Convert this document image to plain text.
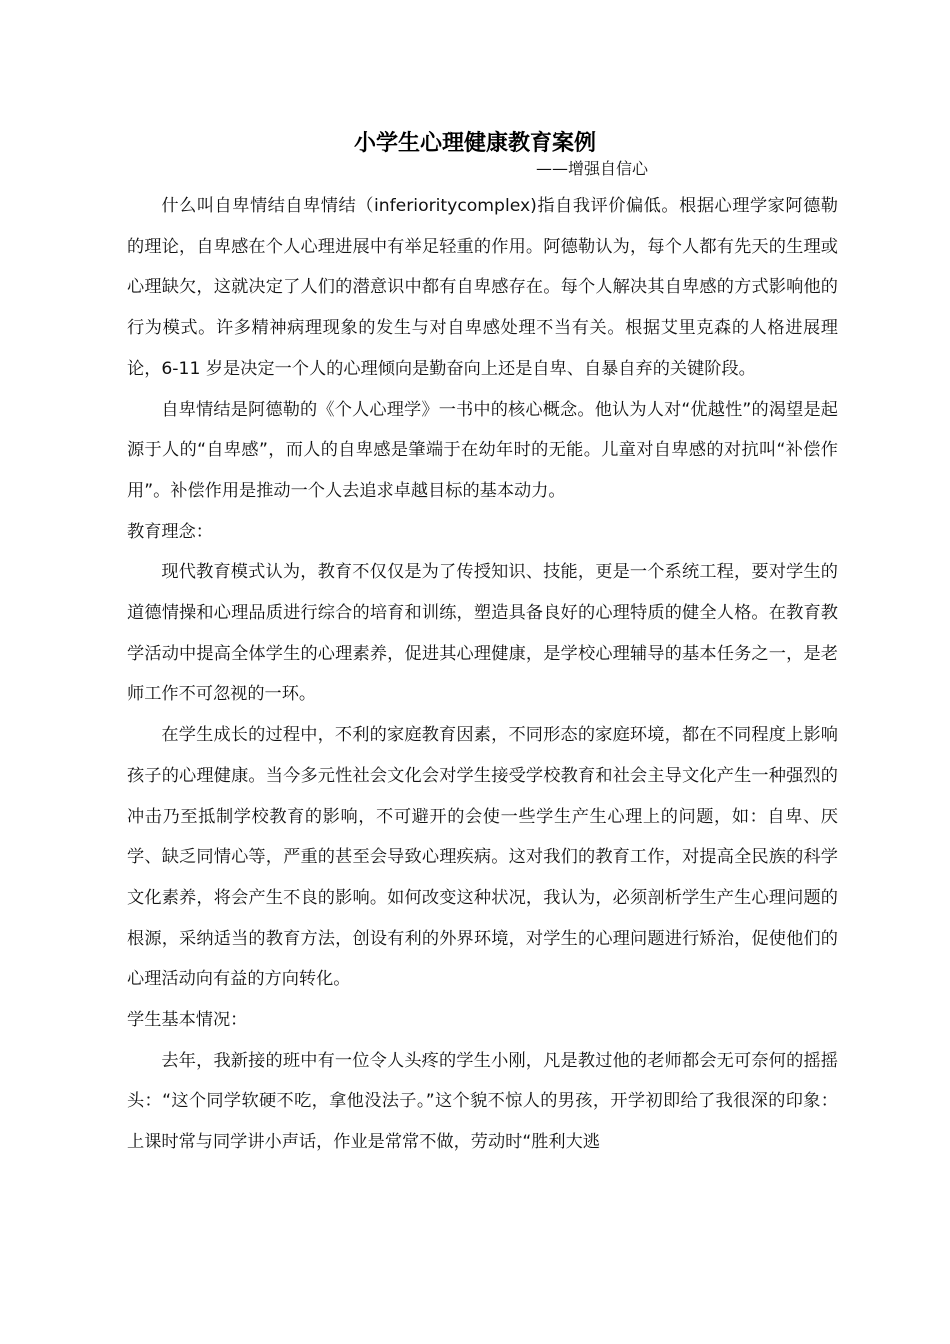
小学生心理健康教育案例
——增强自信心

什么叫自卑情结自卑情结（inferioritycomplex)指自我评价偏低。根据心理学家阿德勒的理论，自卑感在个人心理进展中有举足轻重的作用。阿德勒认为，每个人都有先天的生理或心理缺欠，这就决定了人们的潜意识中都有自卑感存在。每个人解决其自卑感的方式影响他的行为模式。许多精神病理现象的发生与对自卑感处理不当有关。根据艾里克森的人格进展理论，6-11 岁是决定一个人的心理倾向是勤奋向上还是自卑、自暴自弃的关键阶段。

自卑情结是阿德勒的《个人心理学》一书中的核心概念。他认为人对“优越性”的渴望是起源于人的“自卑感”，而人的自卑感是肇端于在幼年时的无能。儿童对自卑感的对抗叫“补偿作用”。补偿作用是推动一个人去追求卓越目标的基本动力。

教育理念：

现代教育模式认为，教育不仅仅是为了传授知识、技能，更是一个系统工程，要对学生的道德情操和心理品质进行综合的培育和训练，塑造具备良好的心理特质的健全人格。在教育教学活动中提高全体学生的心理素养，促进其心理健康，是学校心理辅导的基本任务之一，是老师工作不可忽视的一环。

在学生成长的过程中，不利的家庭教育因素，不同形态的家庭环境，都在不同程度上影响孩子的心理健康。当今多元性社会文化会对学生接受学校教育和社会主导文化产生一种强烈的冲击乃至抵制学校教育的影响，不可避开的会使一些学生产生心理上的问题，如：自卑、厌学、缺乏同情心等，严重的甚至会导致心理疾病。这对我们的教育工作，对提高全民族的科学文化素养，将会产生不良的影响。如何改变这种状况，我认为，必须剖析学生产生心理问题的根源，采纳适当的教育方法，创设有利的外界环境，对学生的心理问题进行矫治，促使他们的心理活动向有益的方向转化。

学生基本情况：

去年，我新接的班中有一位令人头疼的学生小刚，凡是教过他的老师都会无可奈何的摇摇头：“这个同学软硬不吃，拿他没法子。”这个貌不惊人的男孩，开学初即给了我很深的印象：上课时常与同学讲小声话，作业是常常不做，劳动时“胜利大逃
